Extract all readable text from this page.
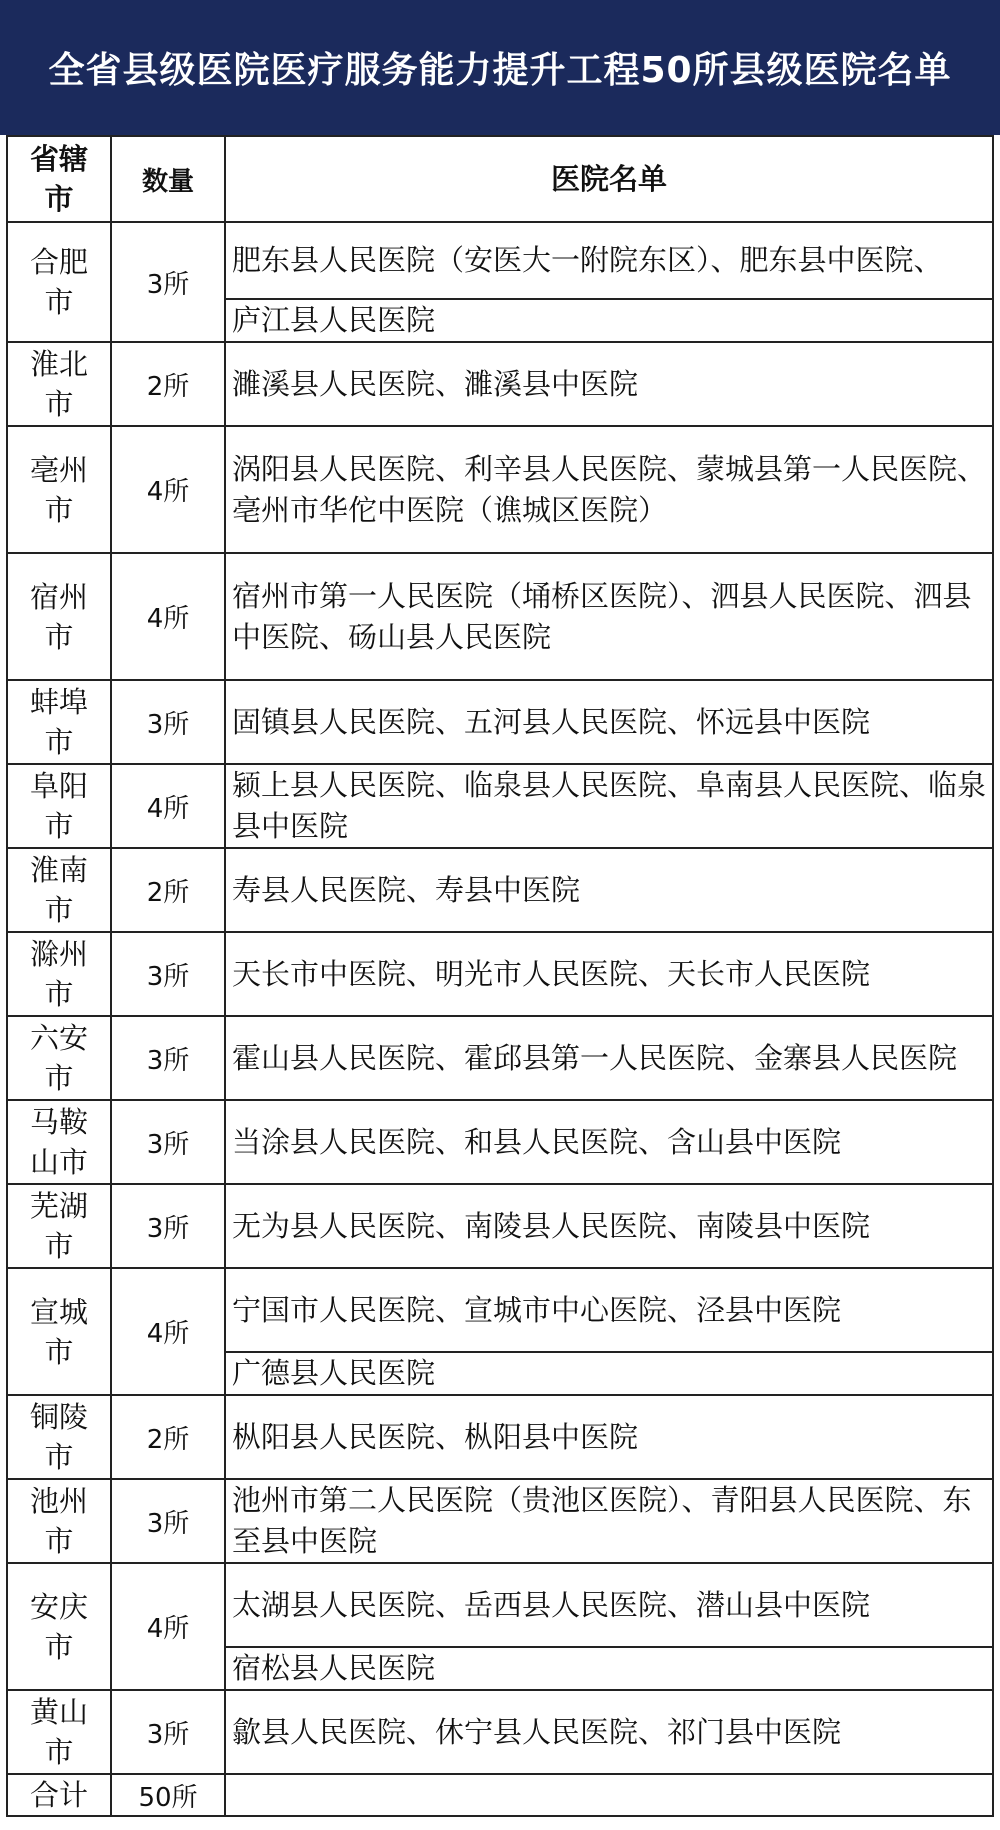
全省县级医院医疗服务能力提升工程50所县级医院名单
省辖市	数量	医院名单

合肥市	3所	肥东县人民医院（安医大一附院东区）、肥东县中医院、
		庐江县人民医院

淮北市	2所	濉溪县人民医院、濉溪县中医院

亳州市	4所	涡阳县人民医院、利辛县人民医院、蒙城县第一人民医院、亳州市华佗中医院（谯城区医院）

宿州市	4所	宿州市第一人民医院（埇桥区医院）、泗县人民医院、泗县中医院、砀山县人民医院

蚌埠市	3所	固镇县人民医院、五河县人民医院、怀远县中医院

阜阳市	4所	颍上县人民医院、临泉县人民医院、阜南县人民医院、临泉县中医院

淮南市	2所	寿县人民医院、寿县中医院

滁州市	3所	天长市中医院、明光市人民医院、天长市人民医院

六安市	3所	霍山县人民医院、霍邱县第一人民医院、金寨县人民医院

马鞍山市	3所	当涂县人民医院、和县人民医院、含山县中医院

芜湖市	3所	无为县人民医院、南陵县人民医院、南陵县中医院

宣城市	4所	宁国市人民医院、宣城市中心医院、泾县中医院
		广德县人民医院

铜陵市	2所	枞阳县人民医院、枞阳县中医院

池州市	3所	池州市第二人民医院（贵池区医院）、青阳县人民医院、东至县中医院

安庆市	4所	太湖县人民医院、岳西县人民医院、潜山县中医院
		宿松县人民医院

黄山市	3所	歙县人民医院、休宁县人民医院、祁门县中医院

合计	50所	
